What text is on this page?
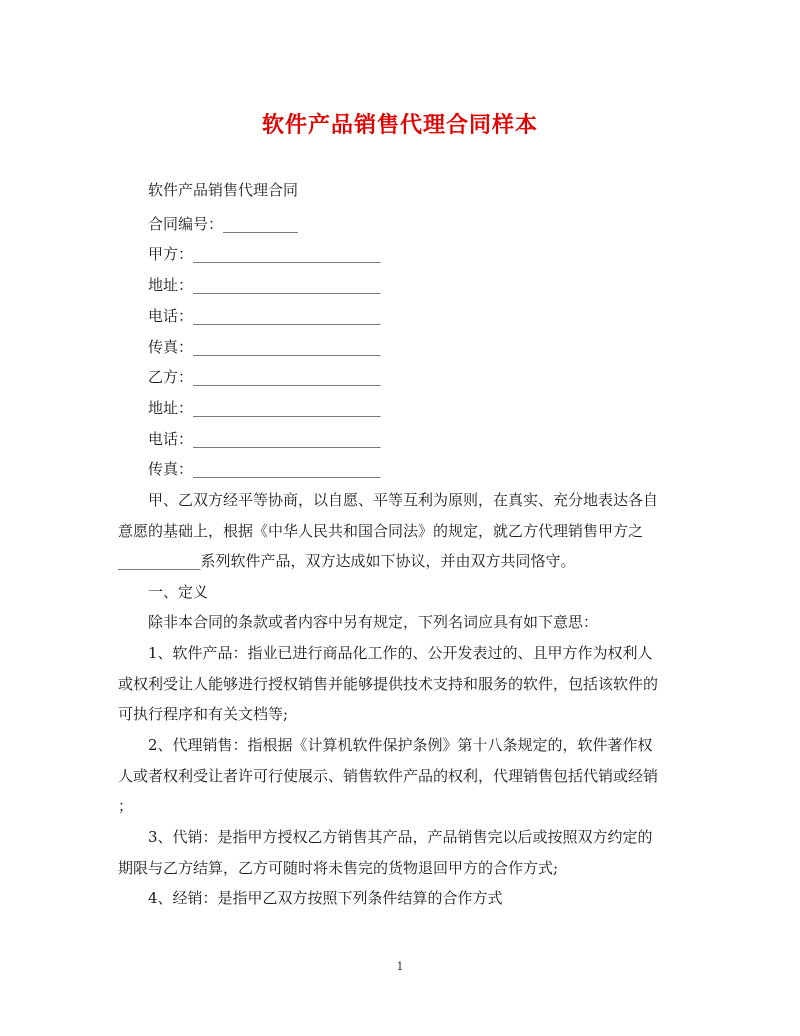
软件产品销售代理合同样本
软件产品销售代理合同
合同编号：__________
甲方：_________________________
地址：_________________________
电话：_________________________
传真：_________________________
乙方：_________________________
地址：_________________________
电话：_________________________
传真：_________________________
甲、乙双方经平等协商，以自愿、平等互利为原则，在真实、充分地表达各自
意愿的基础上，根据《中华人民共和国合同法》的规定，就乙方代理销售甲方之
___________系列软件产品，双方达成如下协议，并由双方共同恪守。
一、定义
除非本合同的条款或者内容中另有规定，下列名词应具有如下意思：
1、软件产品：指业已进行商品化工作的、公开发表过的、且甲方作为权利人
或权利受让人能够进行授权销售并能够提供技术支持和服务的软件，包括该软件的
可执行程序和有关文档等;
2、代理销售：指根据《计算机软件保护条例》第十八条规定的，软件著作权
人或者权利受让者许可行使展示、销售软件产品的权利，代理销售包括代销或经销
；
3、代销：是指甲方授权乙方销售其产品，产品销售完以后或按照双方约定的
期限与乙方结算，乙方可随时将未售完的货物退回甲方的合作方式;
4、经销：是指甲乙双方按照下列条件结算的合作方式
1
